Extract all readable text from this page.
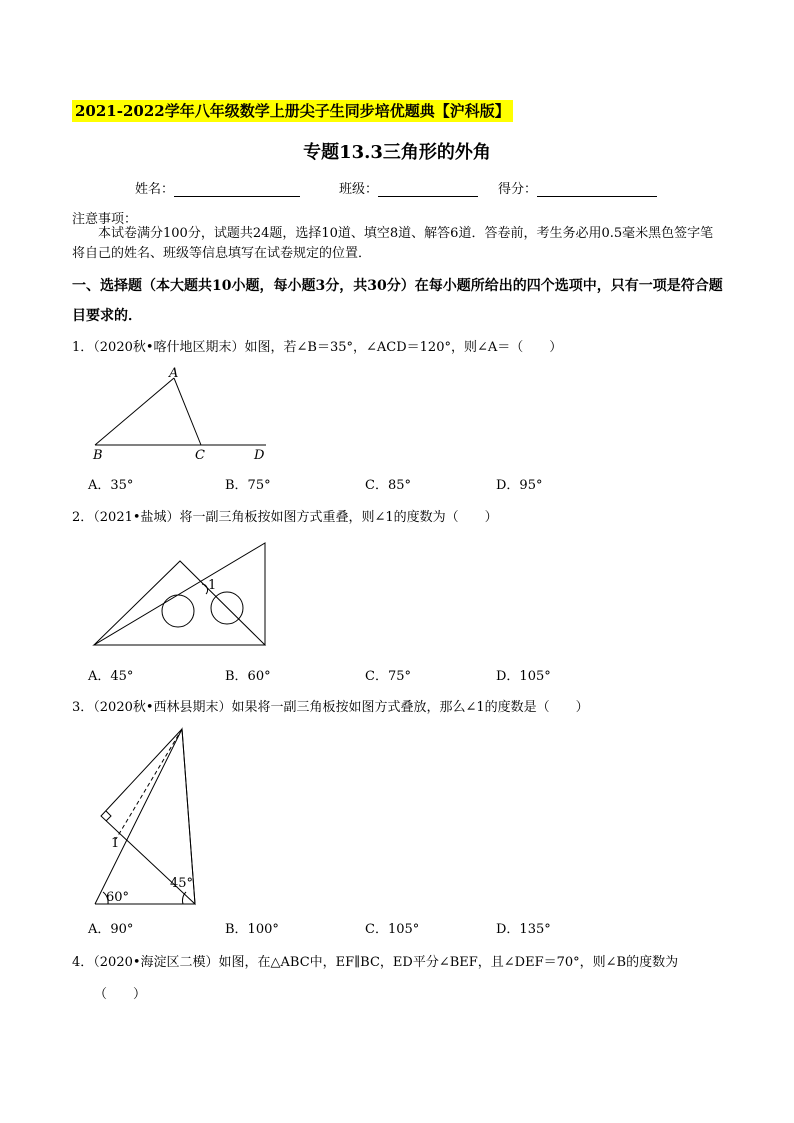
2021-2022学年八年级数学上册尖子生同步培优题典【沪科版】
专题13.3三角形的外角
姓名：	班级：	得分：
注意事项：
本试卷满分100分，试题共24题，选择10道、填空8道、解答6道．答卷前，考生务必用0.5毫米黑色签字笔将自己的姓名、班级等信息填写在试卷规定的位置．
一、选择题（本大题共10小题，每小题3分，共30分）在每小题所给出的四个选项中，只有一项是符合题目要求的．
1．（2020秋•喀什地区期末）如图，若∠B＝35°，∠ACD＝120°，则∠A＝（　　）
A
B	C	D
A．35°	B．75°	C．85°	D．95°
2．（2021•盐城）将一副三角板按如图方式重叠，则∠1的度数为（　　）
1
A．45°	B．60°	C．75°	D．105°
3．（2020秋•西林县期末）如果将一副三角板按如图方式叠放，那么∠1的度数是（　　）
1
60°
45°
A．90°	B．100°	C．105°	D．135°
4．（2020•海淀区二模）如图，在△ABC中，EF∥BC，ED平分∠BEF，且∠DEF＝70°，则∠B的度数为
（　　）
